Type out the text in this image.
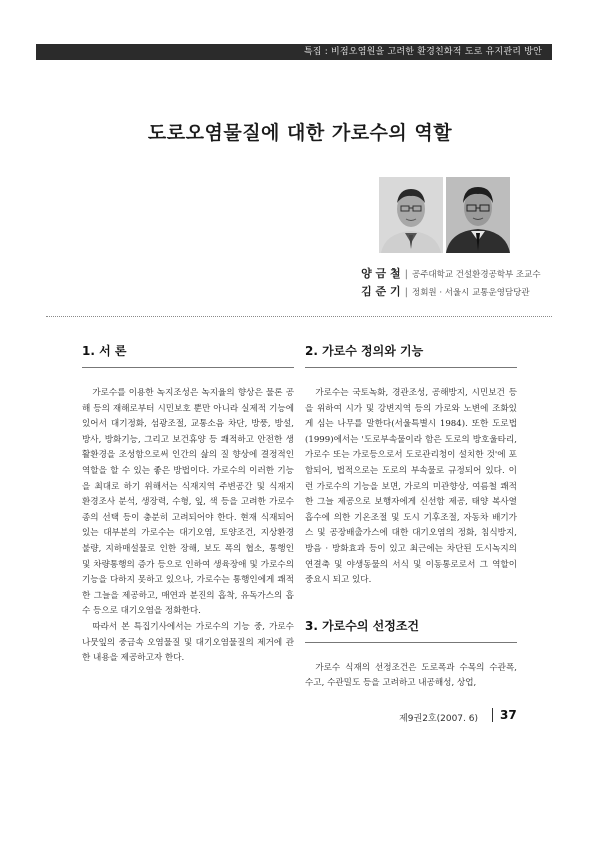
특집 : 비점오염원을 고려한 환경친화적 도로 유지관리 방안
도로오염물질에 대한 가로수의 역할
양 금 철 | 공주대학교 건설환경공학부 조교수
김 준 기 | 정회원 · 서울시 교통운영담당관
1. 서 론

가로수를 이용한 녹지조성은 녹지율의 향상은 물론 공해 등의 재해로부터 시민보호 뿐만 아니라 실제적 기능에 있어서 대기정화, 섬광조절, 교통소음 차단, 방풍, 방설, 방사, 방화기능, 그리고 보건휴양 등 쾌적하고 안전한 생활환경을 조성함으로써 인간의 삶의 질 향상에 결정적인 역할을 할 수 있는 좋은 방법이다. 가로수의 이러한 기능을 최대로 하기 위해서는 식재지역 주변공간 및 식재지 환경조사 분석, 생장력, 수형, 잎, 색 등을 고려한 가로수종의 선택 등이 충분히 고려되어야 한다. 현재 식재되어 있는 대부분의 가로수는 대기오염, 토양조건, 지상환경 불량, 지하매설물로 인한 장해, 보도 폭의 협소, 통행인 및 차량통행의 증가 등으로 인하여 생육장애 및 가로수의 기능을 다하지 못하고 있으나, 가로수는 통행인에게 쾌적한 그늘을 제공하고, 매연과 분진의 흡착, 유독가스의 흡수 등으로 대기오염을 정화한다.

따라서 본 특집기사에서는 가로수의 기능 중, 가로수 나뭇잎의 중금속 오염물질 및 대기오염물질의 제거에 관한 내용을 제공하고자 한다.

2. 가로수 정의와 기능

가로수는 국토녹화, 경관조성, 공해방지, 시민보건 등을 위하여 시가 및 강변지역 등의 가로와 노변에 조화있게 심는 나무를 말한다(서울특별시 1984). 또한 도로법(1999)에서는 '도로부속물이라 함은 도로의 방호울타리, 가로수 또는 가로등으로서 도로관리청이 설치한 것'에 포함되어, 법적으로는 도로의 부속물로 규정되어 있다. 이런 가로수의 기능을 보면, 가로의 미관향상, 여름철 쾌적한 그늘 제공으로 보행자에게 신선함 제공, 태양 복사열 흡수에 의한 기온조절 및 도시 기후조절, 자동차 배기가스 및 공장배출가스에 대한 대기오염의 정화, 침식방지, 방음 · 방화효과 등이 있고 최근에는 차단된 도시녹지의 연결축 및 야생동물의 서식 및 이동통로로서 그 역할이 중요시 되고 있다.

3. 가로수의 선정조건

가로수 식재의 선정조건은 도로폭과 수목의 수관폭, 수고, 수관밀도 등을 고려하고 내공해성, 상업,

제9권2호(2007. 6) 37
